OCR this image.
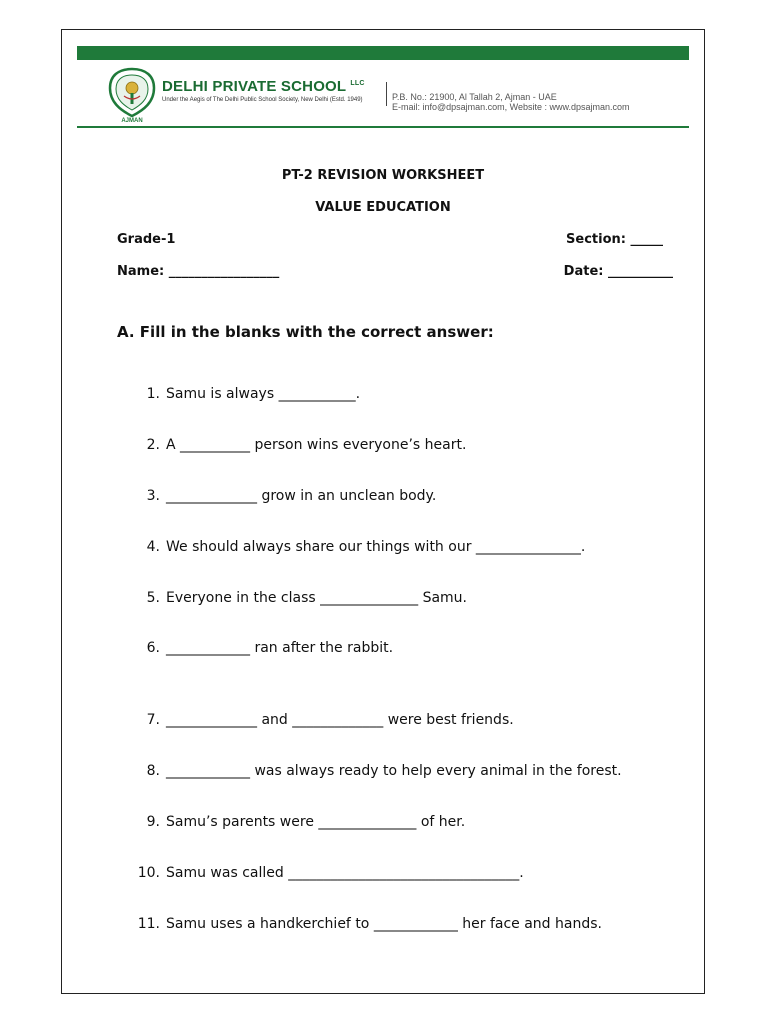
AJMAN
DELHI PRIVATE SCHOOL $^{LLC}$
Under the Aegis of The Delhi Public School Society, New Delhi (Estd. 1949)	P.B. No.: 21900, Al Tallah 2, Ajman - UAE
E-mail: info@dpsajman.com, Website : www.dpsajman.com
PT-2 REVISION WORKSHEET
VALUE EDUCATION
Grade-1	Section: _____
Name: _________________	Date: __________
A. Fill in the blanks with the correct answer:
1. Samu is always ___________.
2. A __________ person wins everyone’s heart.
3. _____________ grow in an unclean body.
4. We should always share our things with our _______________.
5. Everyone in the class ______________ Samu.
6. ____________ ran after the rabbit.
7. _____________ and _____________ were best friends.
8. ____________ was always ready to help every animal in the forest.
9. Samu’s parents were ______________ of her.
10. Samu was called _________________________________.
11. Samu uses a handkerchief to ____________ her face and hands.
